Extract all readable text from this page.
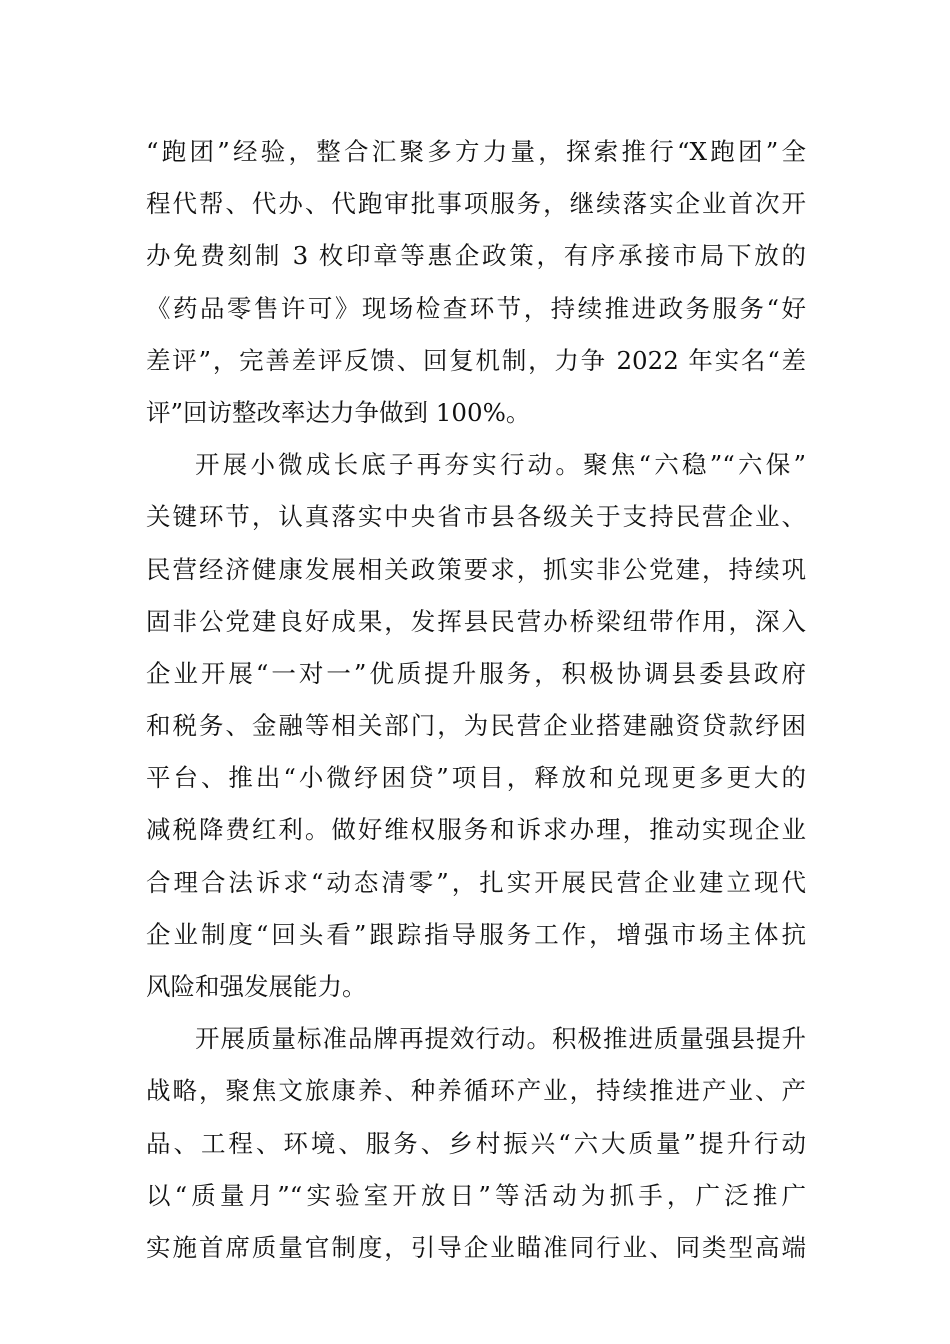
“跑团”经验，整合汇聚多方力量，探索推行“X跑团”全
程代帮、代办、代跑审批事项服务，继续落实企业首次开
办免费刻制 3 枚印章等惠企政策，有序承接市局下放的
《药品零售许可》现场检查环节，持续推进政务服务“好
差评”，完善差评反馈、回复机制，力争 2022 年实名“差
评”回访整改率达力争做到 100%。
开展小微成长底子再夯实行动。聚焦“六稳”“六保”
关键环节，认真落实中央省市县各级关于支持民营企业、
民营经济健康发展相关政策要求，抓实非公党建，持续巩
固非公党建良好成果，发挥县民营办桥梁纽带作用，深入
企业开展“一对一”优质提升服务，积极协调县委县政府
和税务、金融等相关部门，为民营企业搭建融资贷款纾困
平台、推出“小微纾困贷”项目，释放和兑现更多更大的
减税降费红利。做好维权服务和诉求办理，推动实现企业
合理合法诉求“动态清零”，扎实开展民营企业建立现代
企业制度“回头看”跟踪指导服务工作，增强市场主体抗
风险和强发展能力。
开展质量标准品牌再提效行动。积极推进质量强县提升
战略，聚焦文旅康养、种养循环产业，持续推进产业、产
品、工程、环境、服务、乡村振兴“六大质量”提升行动
以“质量月”“实验室开放日”等活动为抓手，广泛推广
实施首席质量官制度，引导企业瞄准同行业、同类型高端
